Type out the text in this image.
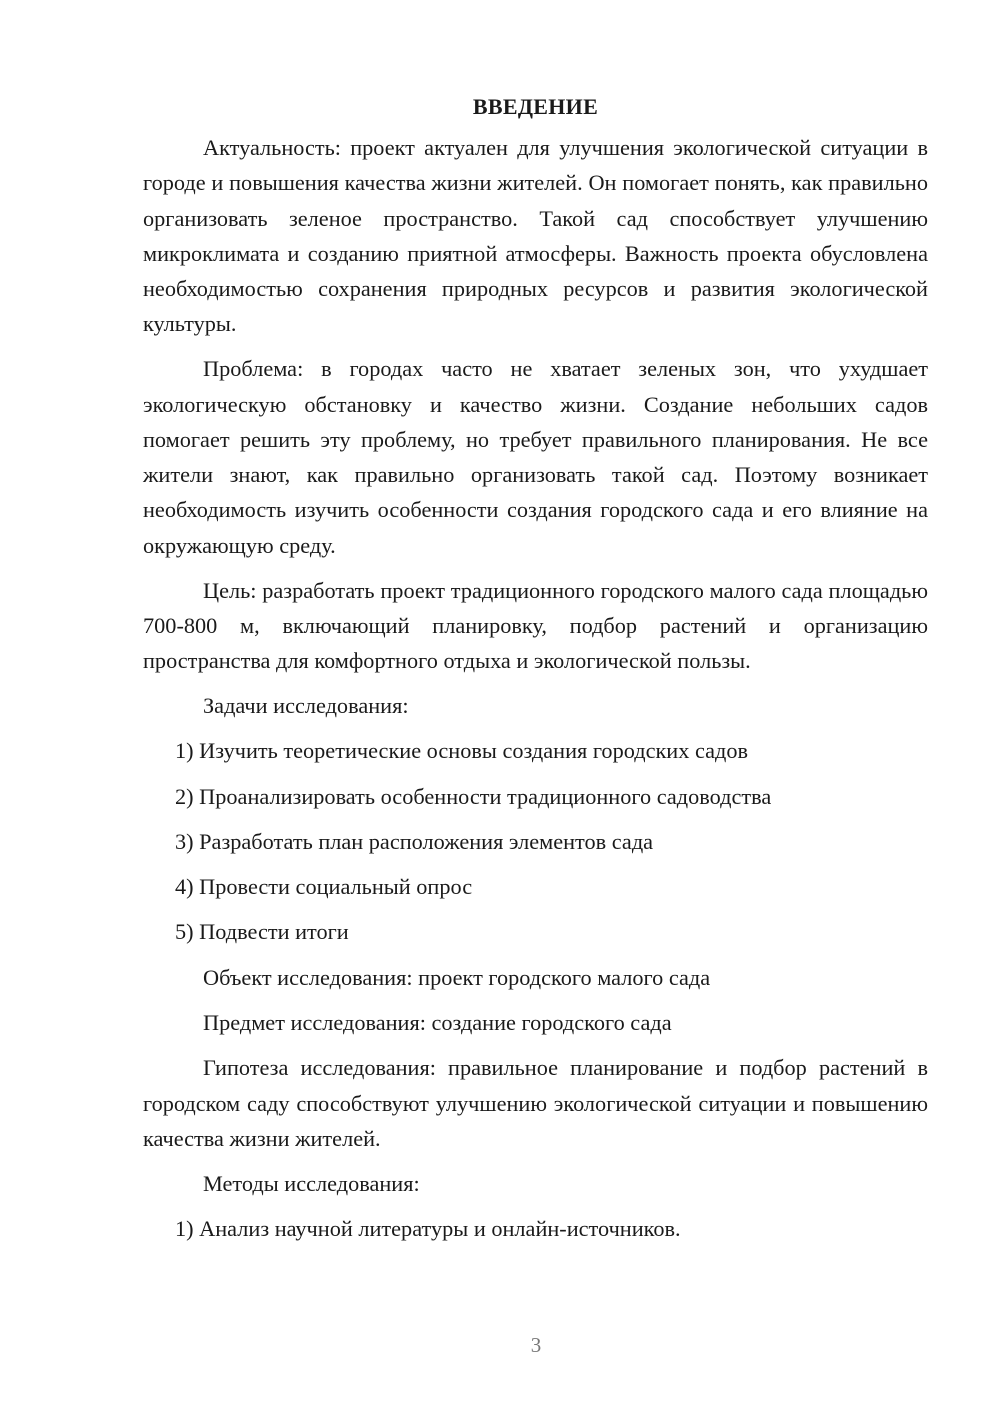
ВВЕДЕНИЕ

Актуальность: проект актуален для улучшения экологической ситуации в городе и повышения качества жизни жителей. Он помогает понять, как правильно организовать зеленое пространство. Такой сад способствует улучшению микроклимата и созданию приятной атмосферы. Важность проекта обусловлена необходимостью сохранения природных ресурсов и развития экологической культуры.

Проблема: в городах часто не хватает зеленых зон, что ухудшает экологическую обстановку и качество жизни. Создание небольших садов помогает решить эту проблему, но требует правильного планирования. Не все жители знают, как правильно организовать такой сад. Поэтому возникает необходимость изучить особенности создания городского сада и его влияние на окружающую среду.

Цель: разработать проект традиционного городского малого сада площадью 700-800 м, включающий планировку, подбор растений и организацию пространства для комфортного отдыха и экологической пользы.

Задачи исследования:
1) Изучить теоретические основы создания городских садов
2) Проанализировать особенности традиционного садоводства
3) Разработать план расположения элементов сада
4) Провести социальный опрос
5) Подвести итоги
Объект исследования: проект городского малого сада
Предмет исследования: создание городского сада

Гипотеза исследования: правильное планирование и подбор растений в городском саду способствуют улучшению экологической ситуации и повышению качества жизни жителей.

Методы исследования:
1) Анализ научной литературы и онлайн-источников.
3
